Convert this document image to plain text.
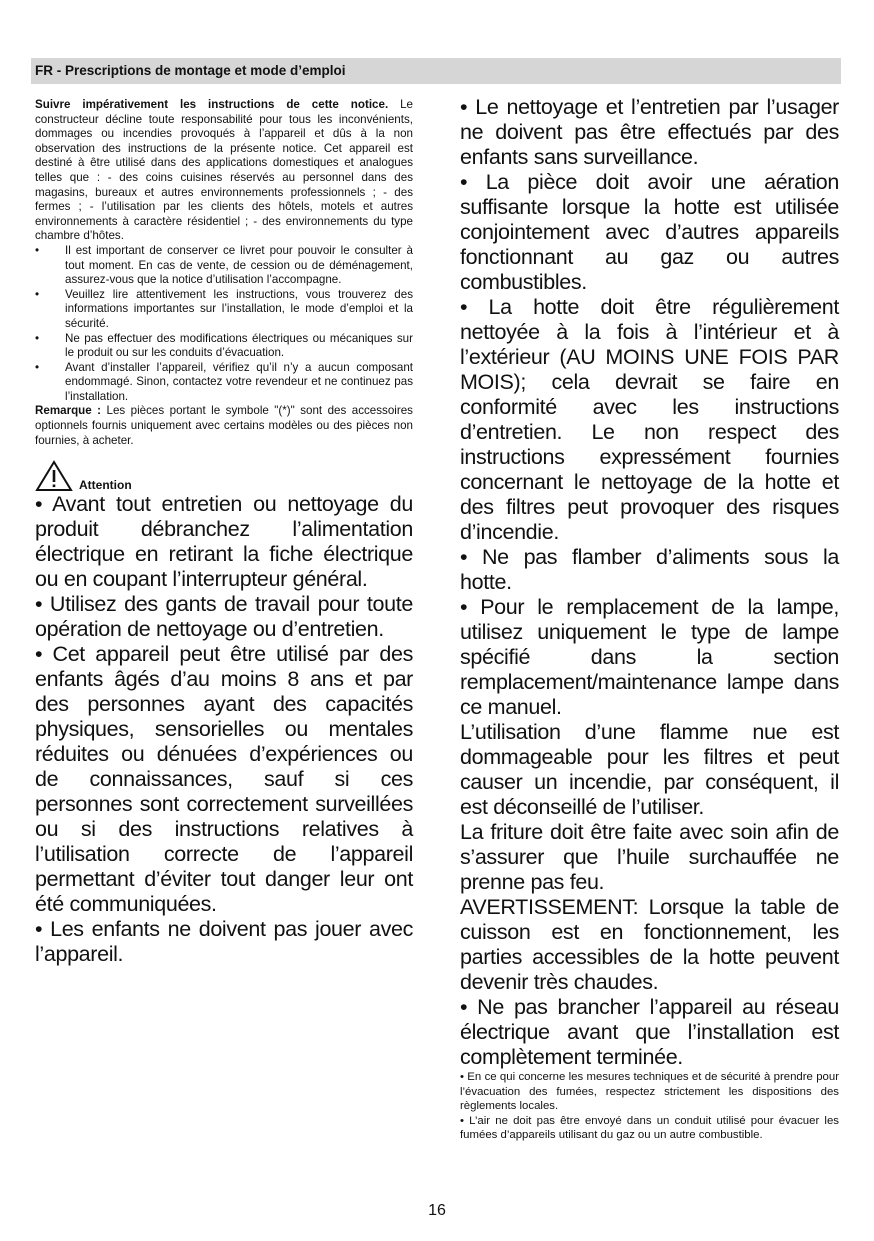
FR - Prescriptions de montage et mode d’emploi

Suivre impérativement les instructions de cette notice. Le constructeur décline toute responsabilité pour tous les inconvénients, dommages ou incendies provoqués à l’appareil et dûs à la non observation des instructions de la présente notice. Cet appareil est destiné à être utilisé dans des applications domestiques et analogues telles que : - des coins cuisines réservés au personnel dans des magasins, bureaux et autres environnements professionnels ; - des fermes ; - l’utilisation par les clients des hôtels, motels et autres environnements à caractère résidentiel ; - des environnements du type chambre d’hôtes.

• Il est important de conserver ce livret pour pouvoir le consulter à tout moment. En cas de vente, de cession ou de déménagement, assurez-vous que la notice d’utilisation l’accompagne.
• Veuillez lire attentivement les instructions, vous trouverez des informations importantes sur l’installation, le mode d’emploi et la sécurité.
• Ne pas effectuer des modifications électriques ou mécaniques sur le produit ou sur les conduits d’évacuation.
• Avant d’installer l’appareil, vérifiez qu’il n’y a aucun composant endommagé. Sinon, contactez votre revendeur et ne continuez pas l’installation.

Remarque : Les pièces portant le symbole "(*)" sont des accessoires optionnels fournis uniquement avec certains modèles ou des pièces non fournies, à acheter.

Attention

• Avant tout entretien ou nettoyage du produit débranchez l’alimentation électrique en retirant la fiche électrique ou en coupant l’interrupteur général.

• Utilisez des gants de travail pour toute opération de nettoyage ou d’entretien.

• Cet appareil peut être utilisé par des enfants âgés d’au moins 8 ans et par des personnes ayant des capacités physiques, sensorielles ou mentales réduites ou dénuées d’expériences ou de connaissances, sauf si ces personnes sont correctement surveillées ou si des instructions relatives à l’utilisation correcte de l’appareil permettant d’éviter tout danger leur ont été communiquées.

• Les enfants ne doivent pas jouer avec l’appareil.

• Le nettoyage et l’entretien par l’usager ne doivent pas être effectués par des enfants sans surveillance.

• La pièce doit avoir une aération suffisante lorsque la hotte est utilisée conjointement avec d’autres appareils fonctionnant au gaz ou autres combustibles.

• La hotte doit être régulièrement nettoyée à la fois à l’intérieur et à l’extérieur (AU MOINS UNE FOIS PAR MOIS); cela devrait se faire en conformité avec les instructions d’entretien. Le non respect des instructions expressément fournies concernant le nettoyage de la hotte et des filtres peut provoquer des risques d’incendie.

• Ne pas flamber d’aliments sous la hotte.

• Pour le remplacement de la lampe, utilisez uniquement le type de lampe spécifié dans la section remplacement/maintenance lampe dans ce manuel.

L’utilisation d’une flamme nue est dommageable pour les filtres et peut causer un incendie, par conséquent, il est déconseillé de l’utiliser.

La friture doit être faite avec soin afin de s’assurer que l’huile surchauffée ne prenne pas feu.

AVERTISSEMENT: Lorsque la table de cuisson est en fonctionnement, les parties accessibles de la hotte peuvent devenir très chaudes.

• Ne pas brancher l’appareil au réseau électrique avant que l’installation est complètement terminée.

• En ce qui concerne les mesures techniques et de sécurité à prendre pour l’évacuation des fumées, respectez strictement les dispositions des règlements locales.

• L’air ne doit pas être envoyé dans un conduit utilisé pour évacuer les fumées d’appareils utilisant du gaz ou un autre combustible.

16
